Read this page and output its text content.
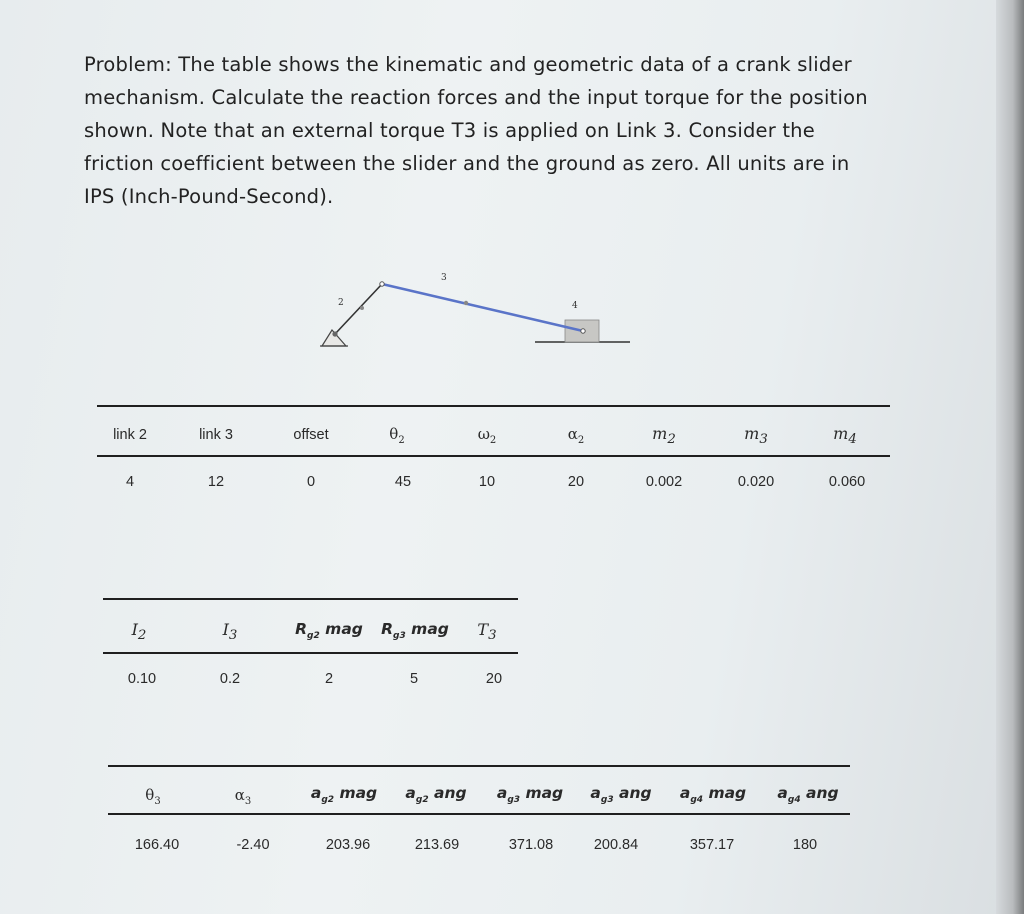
Problem: The table shows the kinematic and geometric data of a crank slider
mechanism. Calculate the reaction forces and the input torque for the position
shown. Note that an external torque T3 is applied on Link 3. Consider the
friction coefficient between the slider and the ground as zero. All units are in
IPS (Inch-Pound-Second).
2
3
4
link 2	link 3	offset	$\theta_2$	$\omega_2$	$\alpha_2$	$m_2$	$m_3$	$m_4$
4	12	0	45	10	20	0.002	0.020	0.060
$I_2$	$I_3$	$R_{g2}$ mag $R_{g3}$ mag $T_3$
0.10	0.2	2	5	20
$\theta_3$	$\alpha_3$	$a_{g2}$ mag $a_{g2}$ ang $a_{g3}$ mag $a_{g3}$ ang $a_{g4}$ mag $a_{g4}$ ang
166.40	-2.40	203.96	213.69	371.08	200.84	357.17	180
